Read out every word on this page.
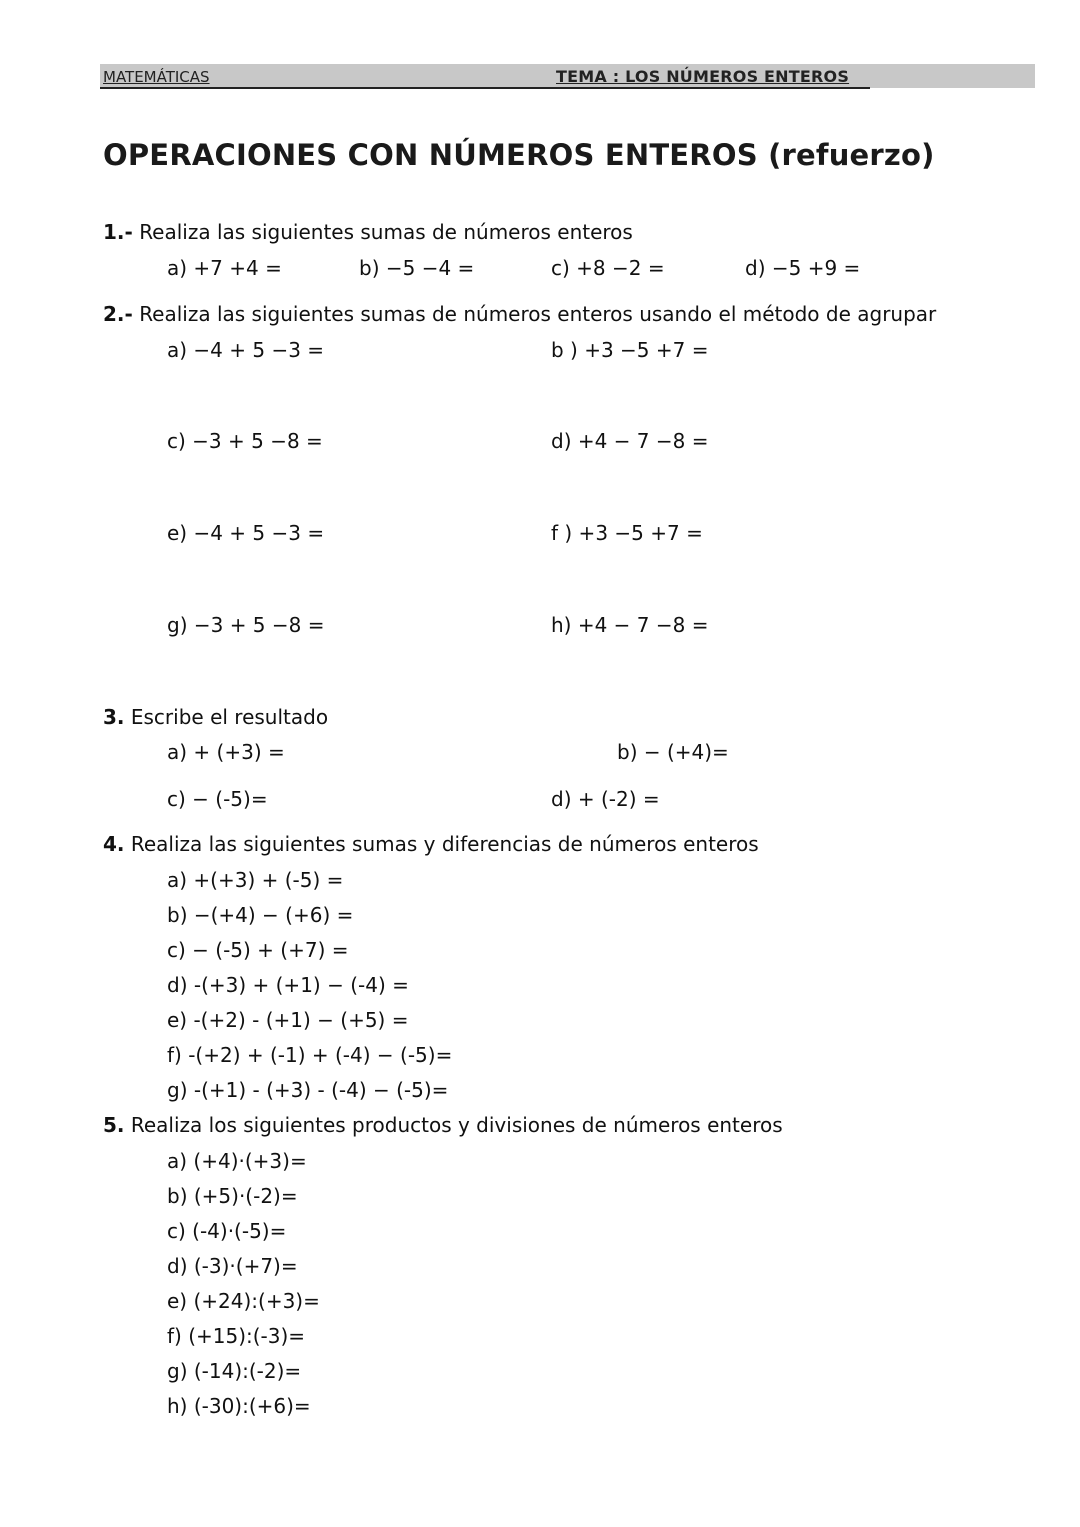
MATEMÁTICAS	TEMA : LOS NÚMEROS ENTEROS
OPERACIONES CON NÚMEROS ENTEROS (refuerzo)
1.- Realiza las siguientes sumas de números enteros
a) +7 +4 =	b) −5 −4 =	c) +8 −2 =	d) −5 +9 =
2.- Realiza las siguientes sumas de números enteros usando el método de agrupar
a) −4 + 5 −3 =	b ) +3 −5 +7 =
c) −3 + 5 −8 =	d) +4 − 7 −8 =
e) −4 + 5 −3 =	f ) +3 −5 +7 =
g) −3 + 5 −8 =	h) +4 − 7 −8 =
3. Escribe el resultado
a) + (+3) =	b) − (+4)=
c) − (-5)=	d) + (-2) =
4. Realiza las siguientes sumas y diferencias de números enteros
a) +(+3) + (-5) =
b) −(+4) − (+6) =
c) − (-5) + (+7) =
d) -(+3) + (+1) − (-4) =
e) -(+2) - (+1) − (+5) =
f) -(+2) + (-1) + (-4) − (-5)=
g) -(+1) - (+3) - (-4) − (-5)=
5. Realiza los siguientes productos y divisiones de números enteros
a) (+4)·(+3)=
b) (+5)·(-2)=
c) (-4)·(-5)=
d) (-3)·(+7)=
e) (+24):(+3)=
f) (+15):(-3)=
g) (-14):(-2)=
h) (-30):(+6)=
